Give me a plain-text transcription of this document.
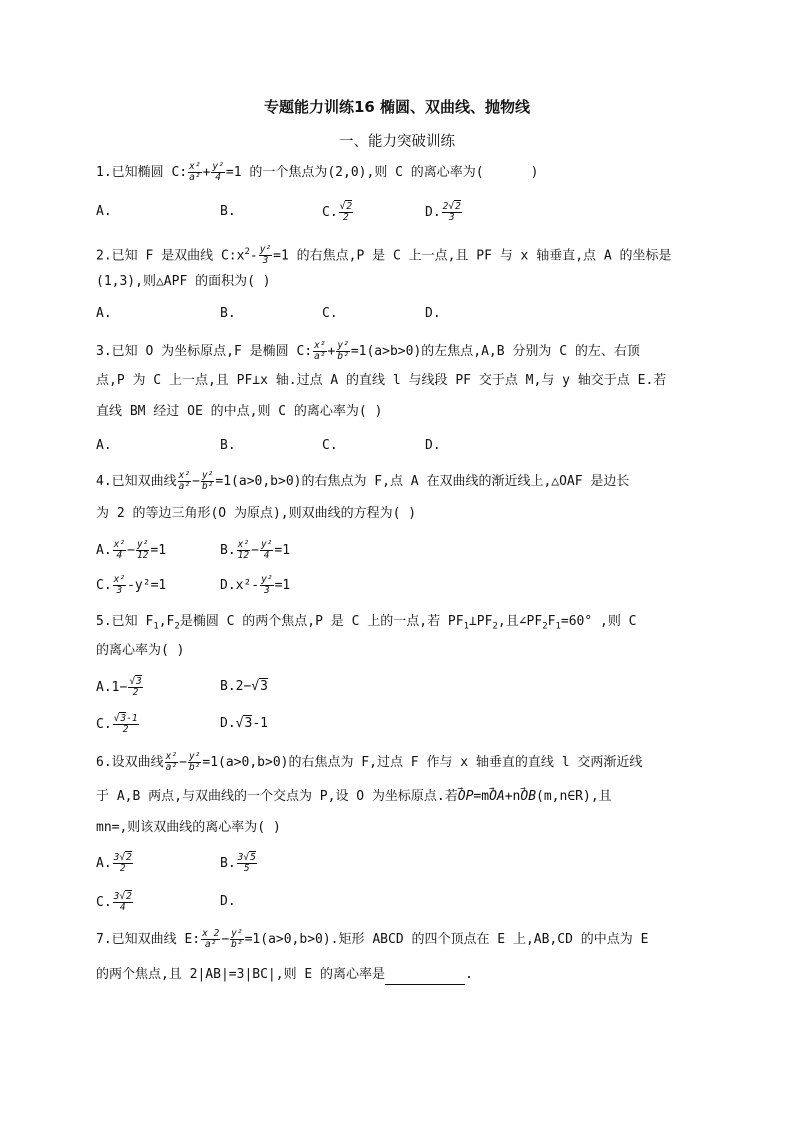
专题能力训练16 椭圆、双曲线、抛物线
一、能力突破训练
1.已知椭圆 C: $\frac{\text{x²}}{\text{a²}} + \frac{\text{y²}}{4} =1$ 的一个焦点为(2,0),则 C 的离心率为(	)
A.	B.	C. $\frac{√2}{2}$	D. $\frac{2√2}{3}$
2.已知 F 是双曲线 $C:x^2- \frac{\text{y²}}{3} =1$ 的右焦点,P 是 C 上一点,且 PF 与 x 轴垂直,点 A 的坐标是
(1,3),则△APF 的面积为( )
A.	B.	C.	D.
3.已知 O 为坐标原点,F 是椭圆 C: $\frac{\text{x²}}{\text{a²}} + \frac{\text{y²}}{\text{b²}} =1(a>b>0)$的左焦点,A,B 分别为 C 的左、右顶
点,P 为 C 上一点,且 PF⊥x 轴.过点 A 的直线 l 与线段 PF 交于点 M,与 y 轴交于点 E.若
直线 BM 经过 OE 的中点,则 C 的离心率为( )
A.	B.	C.	D.
4.已知双曲线 $\frac{\text{x²}}{\text{a²}} - \frac{\text{y²}}{\text{b²}} =1(a>0,b>0)$的右焦点为 F,点 A 在双曲线的渐近线上,△OAF 是边长
为 2 的等边三角形(O 为原点),则双曲线的方程为( )
A. $\frac{\text{x²}}{4} - \frac{\text{y²}}{12} =1$	B. $\frac{\text{x²}}{12} - \frac{\text{y²}}{4} =1$
C. $\frac{\text{x²}}{3} -y^2=1$	$D.x^2- \frac{\text{y²}}{3} =1$
5.已知 $F_1,F_2$是椭圆 C 的两个焦点,P 是 C 上的一点,若 $PF_1\perp PF_2$,且$\angle PF_2F_1=60^\circ$ ,则 C
的离心率为( )
$A.1- \frac{√3}{2}$	B.2−√3
C. $\frac{√3-1}{2}$	D.√3-1
6.设双曲线 $\frac{\text{x²}}{\text{a²}} - \frac{\text{y²}}{\text{b²}} =1(a>0,b>0)$的右焦点为 F,过点 F 作与 x 轴垂直的直线 l 交两渐近线
于 A,B 两点,与双曲线的一个交点为 P,设 O 为坐标原点.若→ OP=m→ OA+n→ OB(m,n∈R),且
mn=,则该双曲线的离心率为( )
A. $\frac{3√2}{2}$	B. $\frac{3√5}{5}$
C. $\frac{3√2}{4}$	D.
7.已知双曲线 E: $\frac{x 2}{\text{a²}} - \frac{\text{y²}}{\text{b²}} =1(a>0,b>0)$.矩形 ABCD 的四个顶点在 E 上,AB,CD 的中点为 E
的两个焦点,且 2|AB|=3|BC|,则 E 的离心率是	.
